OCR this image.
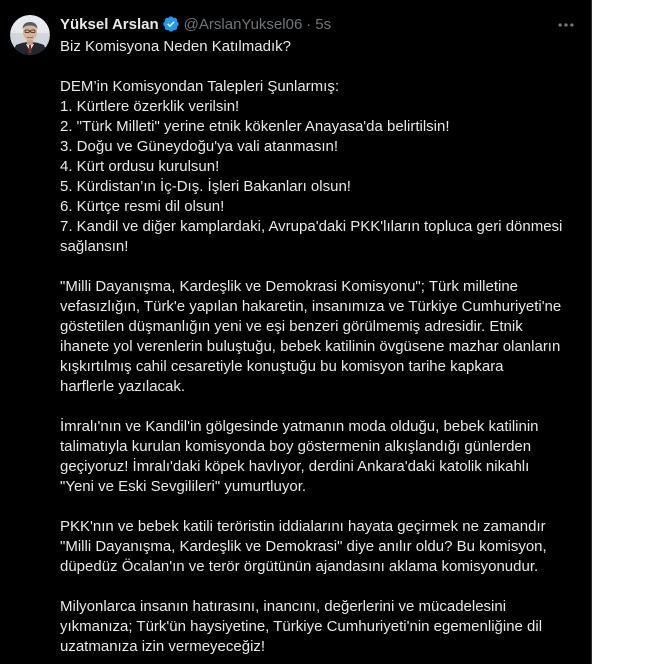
Yüksel Arslan @ArslanYuksel06 · 5s
Biz Komisyona Neden Katılmadık?
DEM’in Komisyondan Talepleri Şunlarmış:
1. Kürtlere özerklik verilsin!
2. "Türk Milleti" yerine etnik kökenler Anayasa'da belirtilsin!
3. Doğu ve Güneydoğu'ya vali atanmasın!
4. Kürt ordusu kurulsun!
5. Kürdistan’ın İç-Dış. İşleri Bakanları olsun!
6. Kürtçe resmi dil olsun!
7. Kandil ve diğer kamplardaki, Avrupa'daki PKK'lıların topluca geri dönmesi
sağlansın!
"Milli Dayanışma, Kardeşlik ve Demokrasi Komisyonu"; Türk milletine
vefasızlığın, Türk'e yapılan hakaretin, insanımıza ve Türkiye Cumhuriyeti'ne
göstetilen düşmanlığın yeni ve eşi benzeri görülmemiş adresidir. Etnik
ihanete yol verenlerin buluştuğu, bebek katilinin övgüsene mazhar olanların
kışkırtılmış cahil cesaretiyle konuştuğu bu komisyon tarihe kapkara
harflerle yazılacak.
İmralı'nın ve Kandil'in gölgesinde yatmanın moda olduğu, bebek katilinin
talimatıyla kurulan komisyonda boy göstermenin alkışlandığı günlerden
geçiyoruz! İmralı'daki köpek havlıyor, derdini Ankara'daki katolik nikahlı
"Yeni ve Eski Sevgilileri" yumurtluyor.
PKK'nın ve bebek katili teröristin iddialarını hayata geçirmek ne zamandır
"Milli Dayanışma, Kardeşlik ve Demokrasi" diye anılır oldu? Bu komisyon,
düpedüz Öcalan'ın ve terör örgütünün ajandasını aklama komisyonudur.
Milyonlarca insanın hatırasını, inancını, değerlerini ve mücadelesini
yıkmanıza; Türk'ün haysiyetine, Türkiye Cumhuriyeti'nin egemenliğine dil
uzatmanıza izin vermeyeceğiz!
